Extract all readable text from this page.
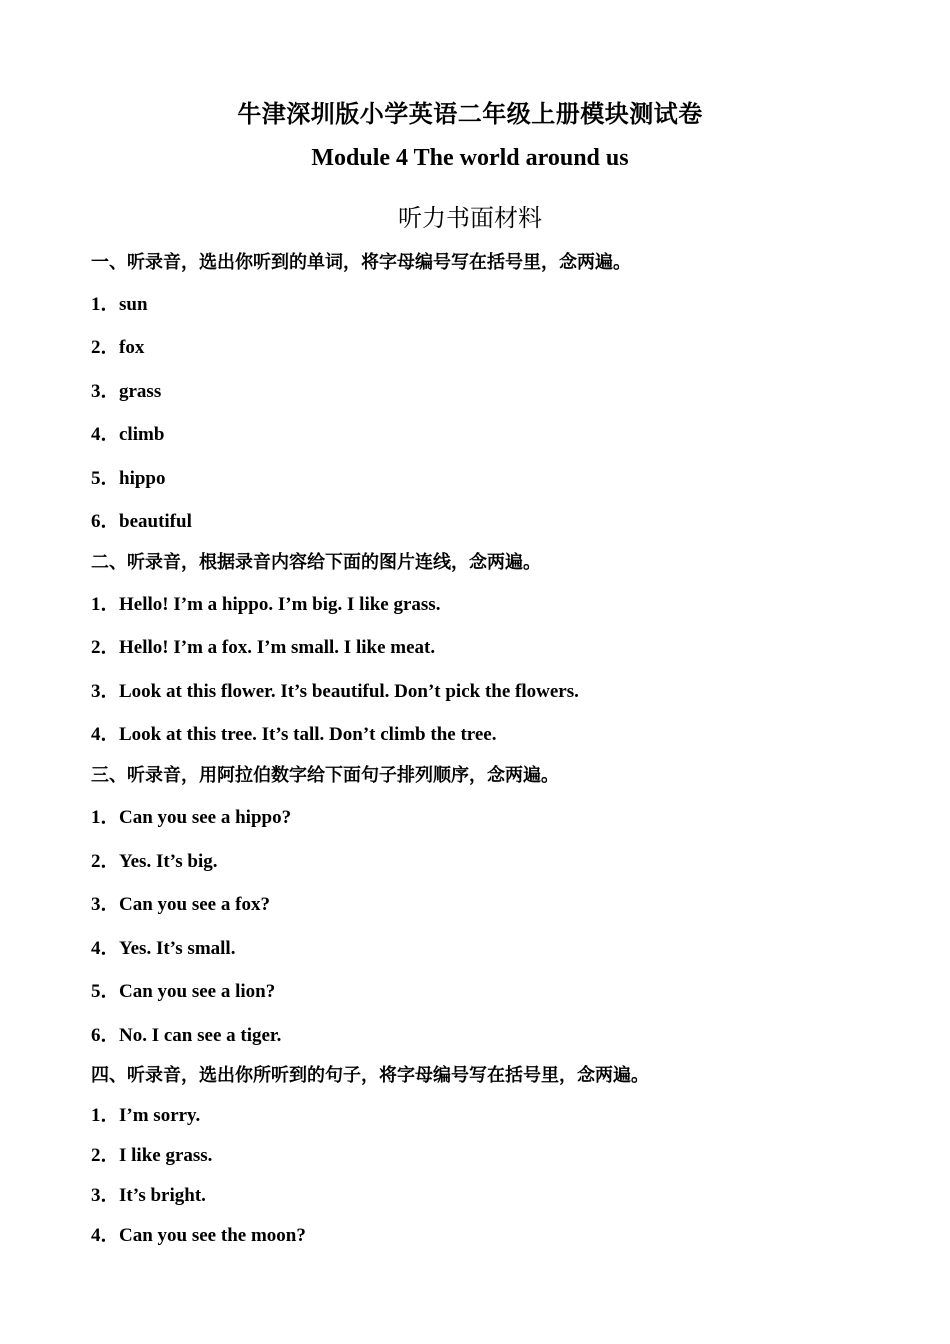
牛津深圳版小学英语二年级上册模块测试卷
Module 4 The world around us
听力书面材料
一、听录音，选出你听到的单词，将字母编号写在括号里，念两遍。
1．sun
2．fox
3．grass
4．climb
5．hippo
6．beautiful
二、听录音，根据录音内容给下面的图片连线，念两遍。
1．Hello! I’m a hippo. I’m big. I like grass.
2．Hello! I’m a fox. I’m small. I like meat.
3．Look at this flower. It’s beautiful. Don’t pick the flowers.
4．Look at this tree. It’s tall. Don’t climb the tree.
三、听录音，用阿拉伯数字给下面句子排列顺序，念两遍。
1．Can you see a hippo?
2．Yes. It’s big.
3．Can you see a fox?
4．Yes. It’s small.
5．Can you see a lion?
6．No. I can see a tiger.
四、听录音，选出你所听到的句子，将字母编号写在括号里，念两遍。
1．I’m sorry.
2．I like grass.
3．It’s bright.
4．Can you see the moon?
